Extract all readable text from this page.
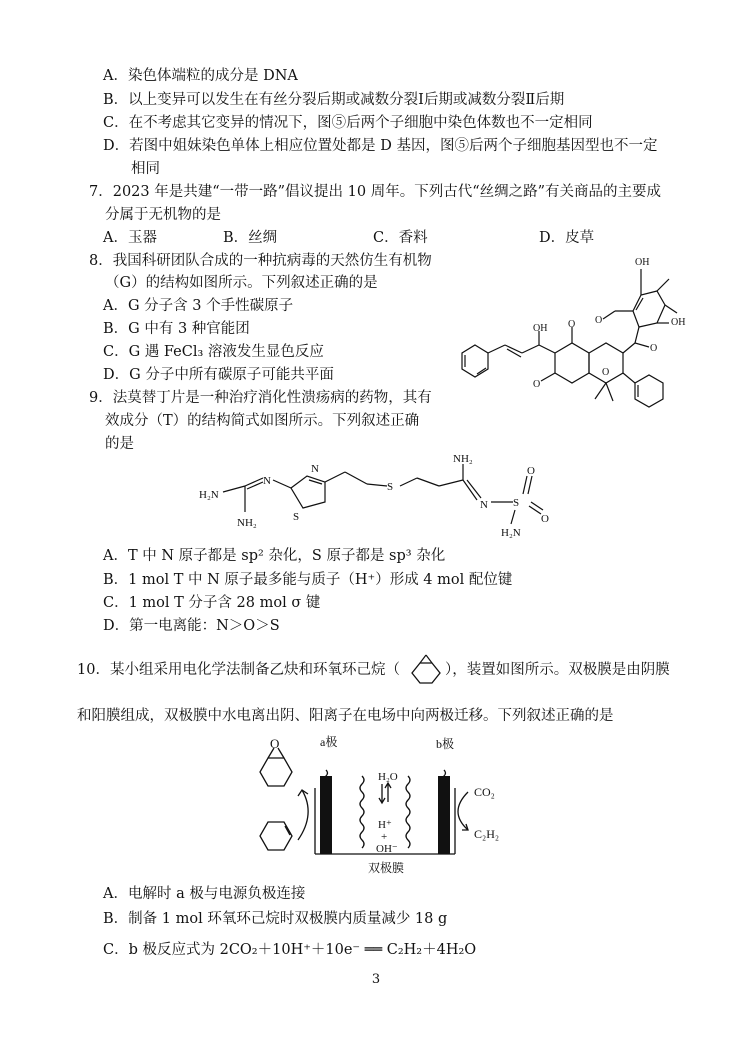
A．染色体端粒的成分是 DNA
B．以上变异可以发生在有丝分裂后期或减数分裂Ⅰ后期或减数分裂Ⅱ后期
C．在不考虑其它变异的情况下，图⑤后两个子细胞中染色体数也不一定相同
D．若图中姐妹染色单体上相应位置处都是 D 基因，图⑤后两个子细胞基因型也不一定
相同
7．2023 年是共建“一带一路”倡议提出 10 周年。下列古代“丝绸之路”有关商品的主要成
分属于无机物的是
A．玉器	B．丝绸	C．香料	D．皮草
8．我国科研团队合成的一种抗病毒的天然仿生有机物
（G）的结构如图所示。下列叙述正确的是
A．G 分子含 3 个手性碳原子
B．G 中有 3 种官能团
C．G 遇 FeCl₃ 溶液发生显色反应
D．G 分子中所有碳原子可能共平面
9．法莫替丁片是一种治疗消化性溃疡病的药物，其有
效成分（T）的结构简式如图所示。下列叙述正确
的是
A．T 中 N 原子都是 sp² 杂化，S 原子都是 sp³ 杂化
B．1 mol T 中 N 原子最多能与质子（H⁺）形成 4 mol 配位键
C．1 mol T 分子含 28 mol σ 键
D．第一电离能：N＞O＞S
10．某小组采用电化学法制备乙炔和环氧环己烷（	），装置如图所示。双极膜是由阴膜
和阳膜组成，双极膜中水电离出阴、阳离子在电场中向两极迁移。下列叙述正确的是
A．电解时 a 极与电源负极连接
B．制备 1 mol 环氧环己烷时双极膜内质量减少 18 g
C．b 极反应式为 2CO₂＋10H⁺＋10e⁻ ══ C₂H₂＋4H₂O
OH
OH
OH
O
O
O
O
O
H₂N
N
NH₂
N
S
S
NH₂
N S
O
O
H₂N
O	a极	b极
H₂O
H⁺
+
OH⁻
CO₂
C₂H₂
双极膜
3
